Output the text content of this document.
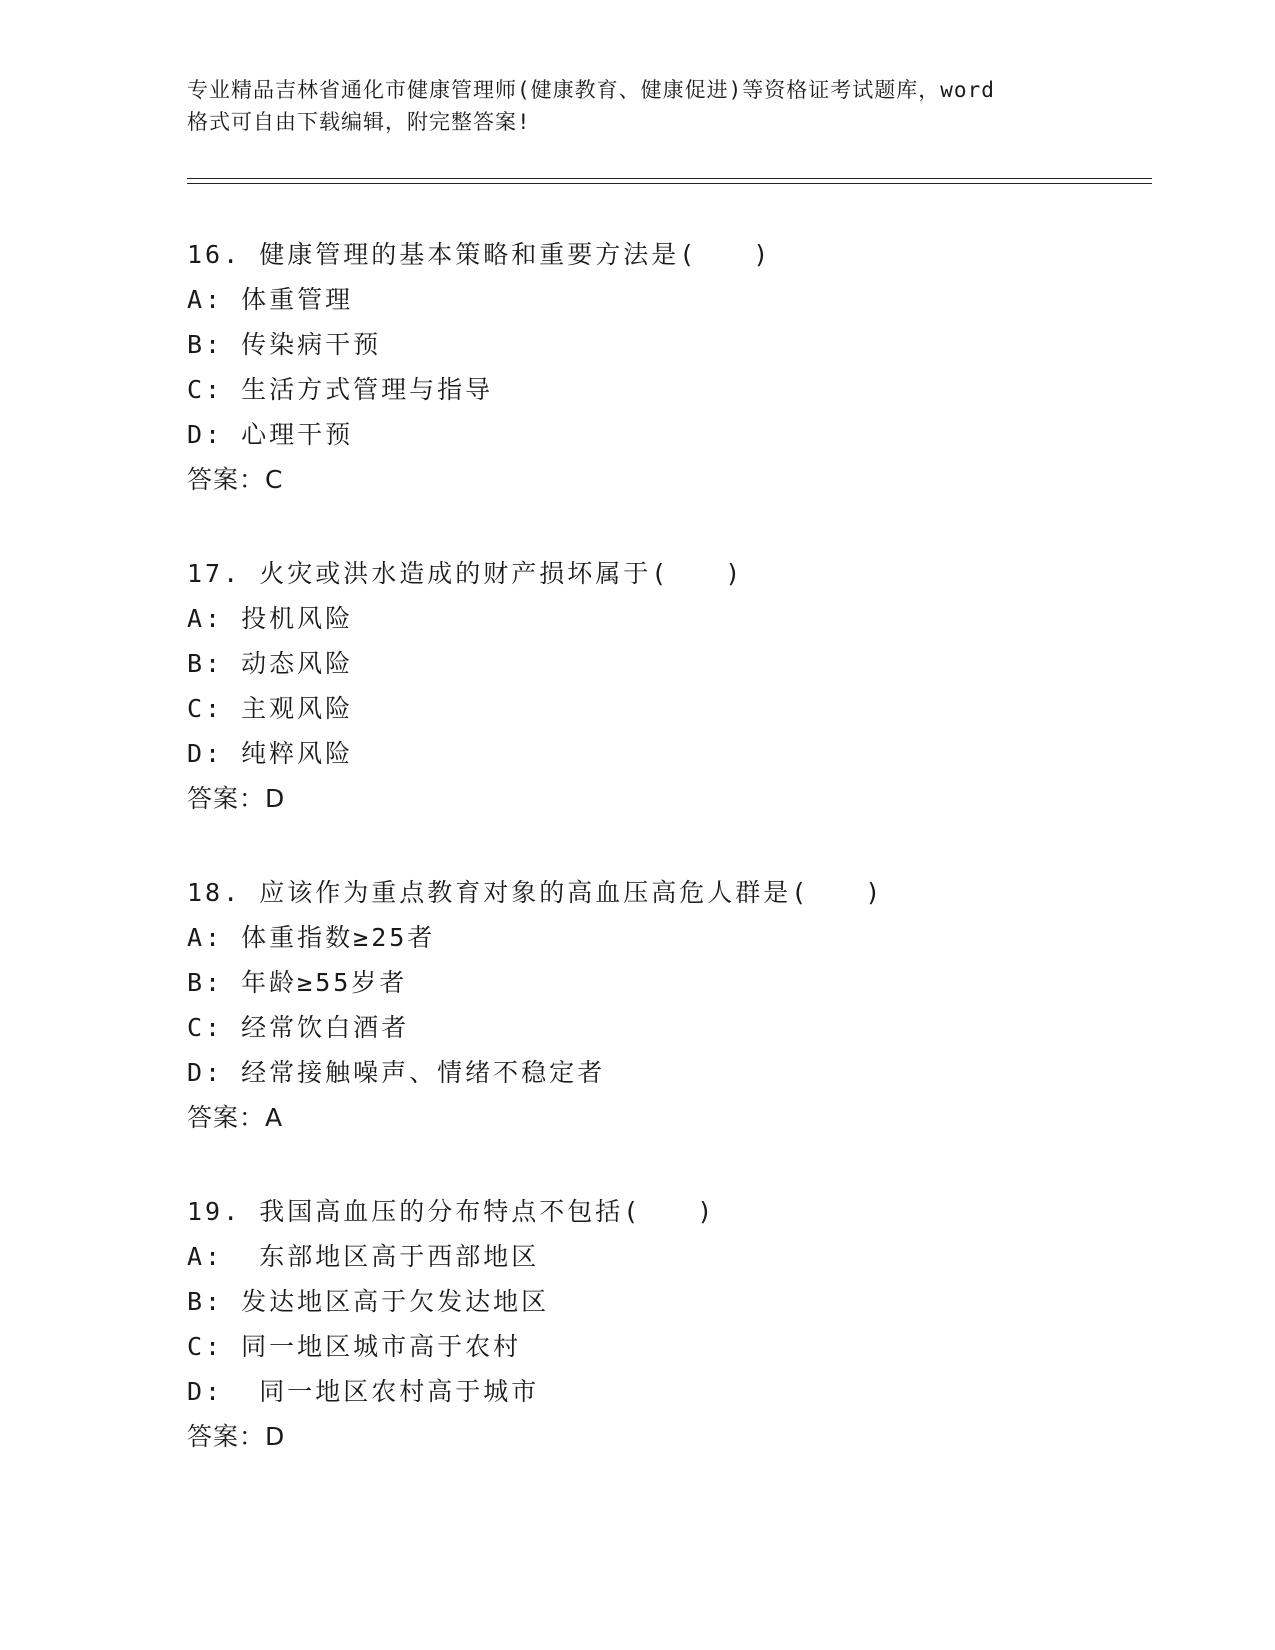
专业精品吉林省通化市健康管理师(健康教育、健康促进)等资格证考试题库，word
格式可自由下载编辑，附完整答案!
16. 健康管理的基本策略和重要方法是(　　)
A: 体重管理
B: 传染病干预
C: 生活方式管理与指导
D: 心理干预
答案：C
17. 火灾或洪水造成的财产损坏属于(　　)
A: 投机风险
B: 动态风险
C: 主观风险
D: 纯粹风险
答案：D
18. 应该作为重点教育对象的高血压高危人群是(　　)
A: 体重指数≥25者
B: 年龄≥55岁者
C: 经常饮白酒者
D: 经常接触噪声、情绪不稳定者
答案：A
19. 我国高血压的分布特点不包括(　　)
A:  东部地区高于西部地区
B: 发达地区高于欠发达地区
C: 同一地区城市高于农村
D:  同一地区农村高于城市
答案：D
